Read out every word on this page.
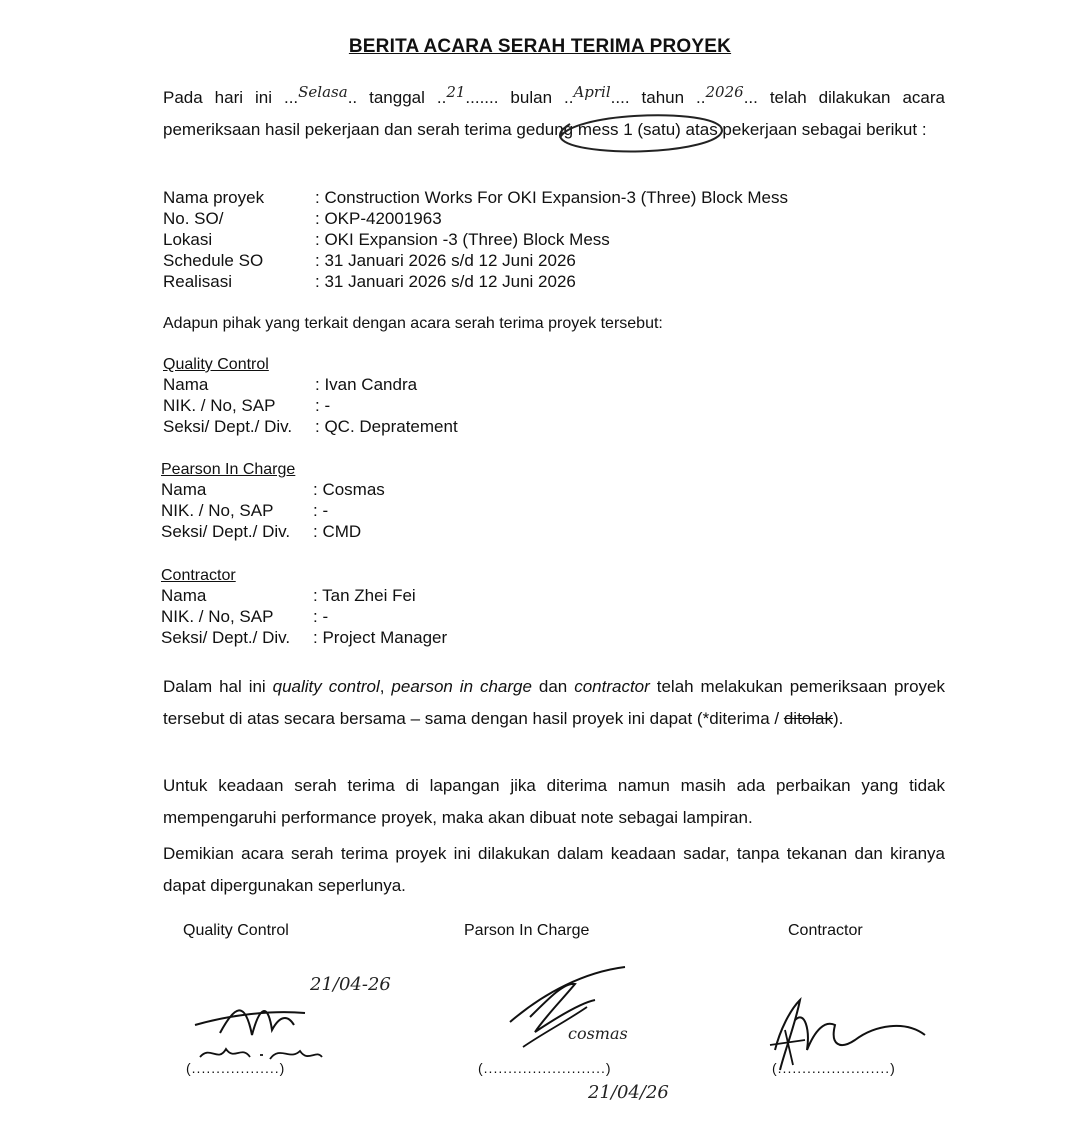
BERITA ACARA SERAH TERIMA PROYEK
Pada hari ini ...Selasa.. tanggal ..21....... bulan ..April.... tahun ..2026... telah dilakukan acara pemeriksaan hasil pekerjaan dan serah terima gedung mess 1 (satu) atas pekerjaan sebagai berikut :
Nama proyek	: Construction Works For OKI Expansion-3 (Three) Block Mess
No. SO/	: OKP-42001963
Lokasi	: OKI Expansion -3 (Three) Block Mess
Schedule SO	: 31 Januari 2026 s/d 12 Juni 2026
Realisasi	: 31 Januari 2026 s/d 12 Juni 2026
Adapun pihak yang terkait dengan acara serah terima proyek tersebut:
Quality Control
Nama	: Ivan Candra
NIK. / No, SAP	: -
Seksi/ Dept./ Div.	: QC. Depratement
Pearson In Charge
Nama	: Cosmas
NIK. / No, SAP	: -
Seksi/ Dept./ Div.	: CMD
Contractor
Nama	: Tan Zhei Fei
NIK. / No, SAP	: -
Seksi/ Dept./ Div.	: Project Manager
Dalam hal ini quality control, pearson in charge dan contractor telah melakukan pemeriksaan proyek tersebut di atas secara bersama – sama dengan hasil proyek ini dapat (*diterima / ditolak).
Untuk keadaan serah terima di lapangan jika diterima namun masih ada perbaikan yang tidak mempengaruhi performance proyek, maka akan dibuat note sebagai lampiran.
Demikian acara serah terima proyek ini dilakukan dalam keadaan sadar, tanpa tekanan dan kiranya dapat dipergunakan seperlunya.
Quality Control	Parson In Charge	Contractor
21/04-26
(..................)
cosmas
(.........................)
21/04/26
(.......................)
